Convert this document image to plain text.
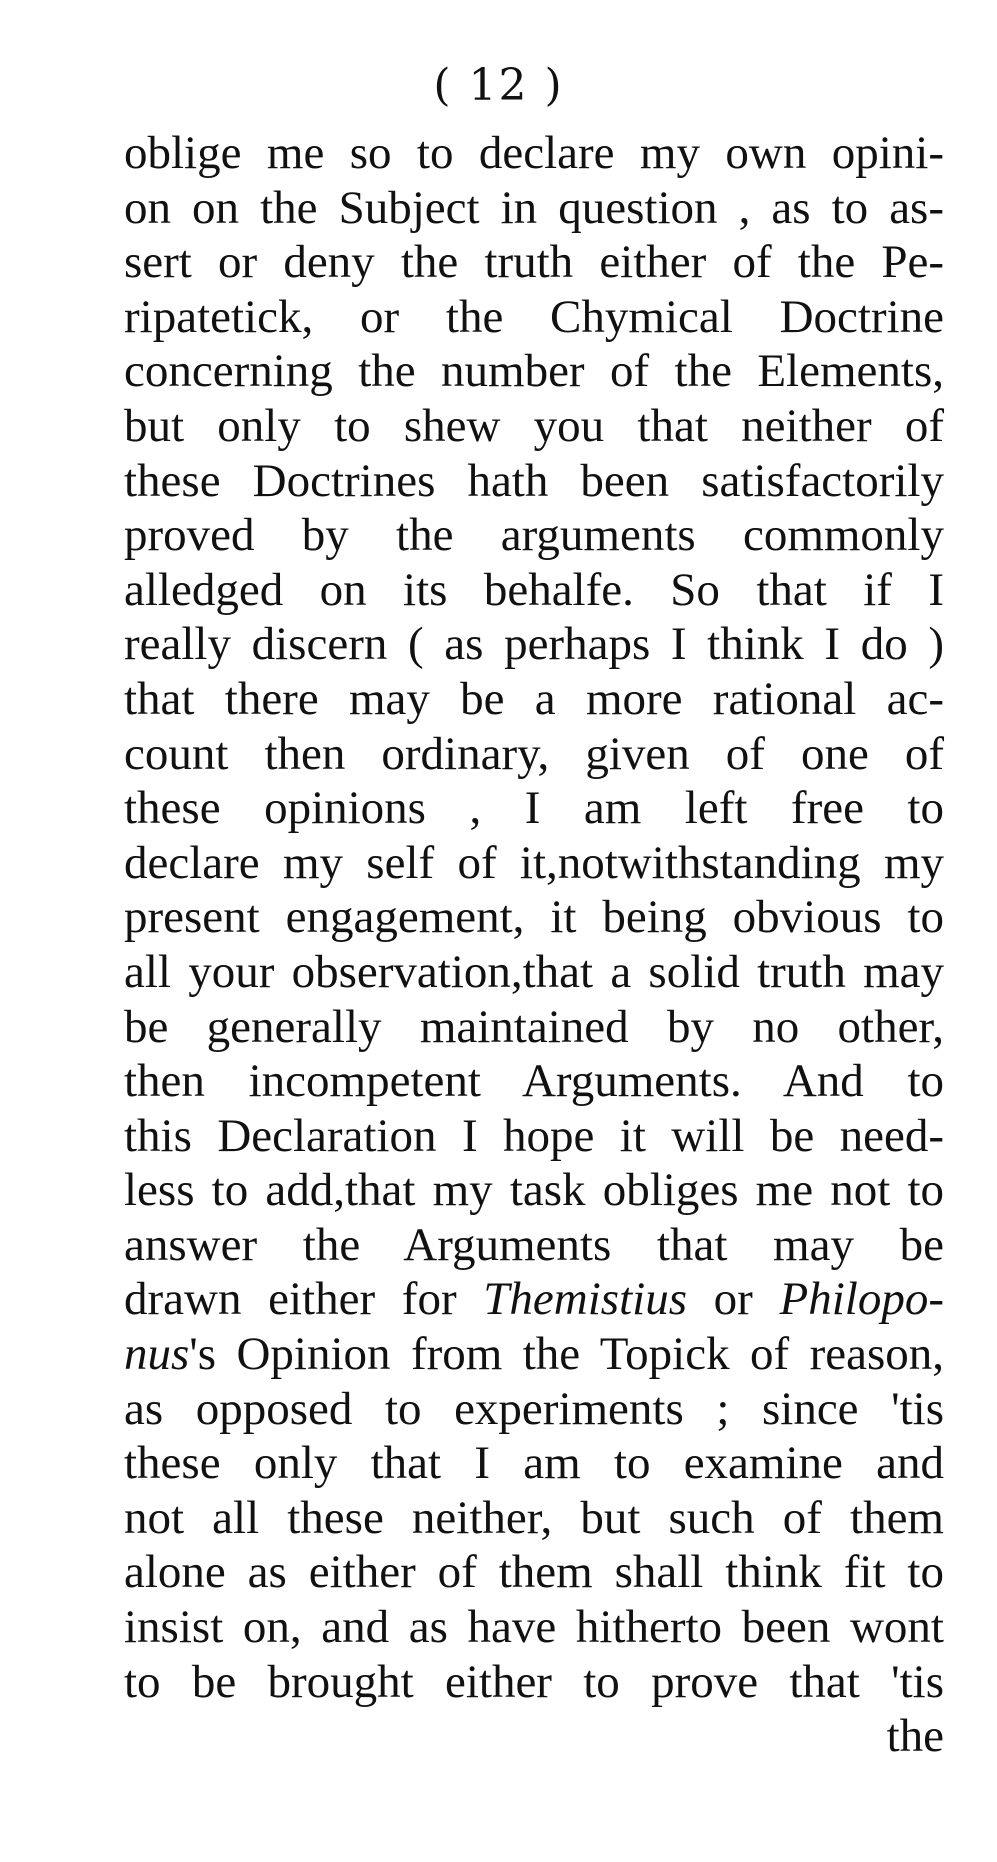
( 12 )
oblige me so to declare my own opini-
on on the Subject in question , as to as-
sert or deny the truth either of the Pe-
ripatetick, or the Chymical Doctrine
concerning the number of the Elements,
but only to shew you that neither of
these Doctrines hath been satisfactorily
proved by the arguments commonly
alledged on its behalfe. So that if I
really discern ( as perhaps I think I do )
that there may be a more rational ac-
count then ordinary, given of one of
these opinions , I am left free to
declare my self of it,notwithstanding my
present engagement, it being obvious to
all your observation,that a solid truth may
be generally maintained by no other,
then incompetent Arguments. And to
this Declaration I hope it will be need-
less to add,that my task obliges me not to
answer the Arguments that may be
drawn either for Themistius or Philopo-
nus's Opinion from the Topick of reason,
as opposed to experiments ; since 'tis
these only that I am to examine and
not all these neither, but such of them
alone as either of them shall think fit to
insist on, and as have hitherto been wont
to be brought either to prove that 'tis
the
